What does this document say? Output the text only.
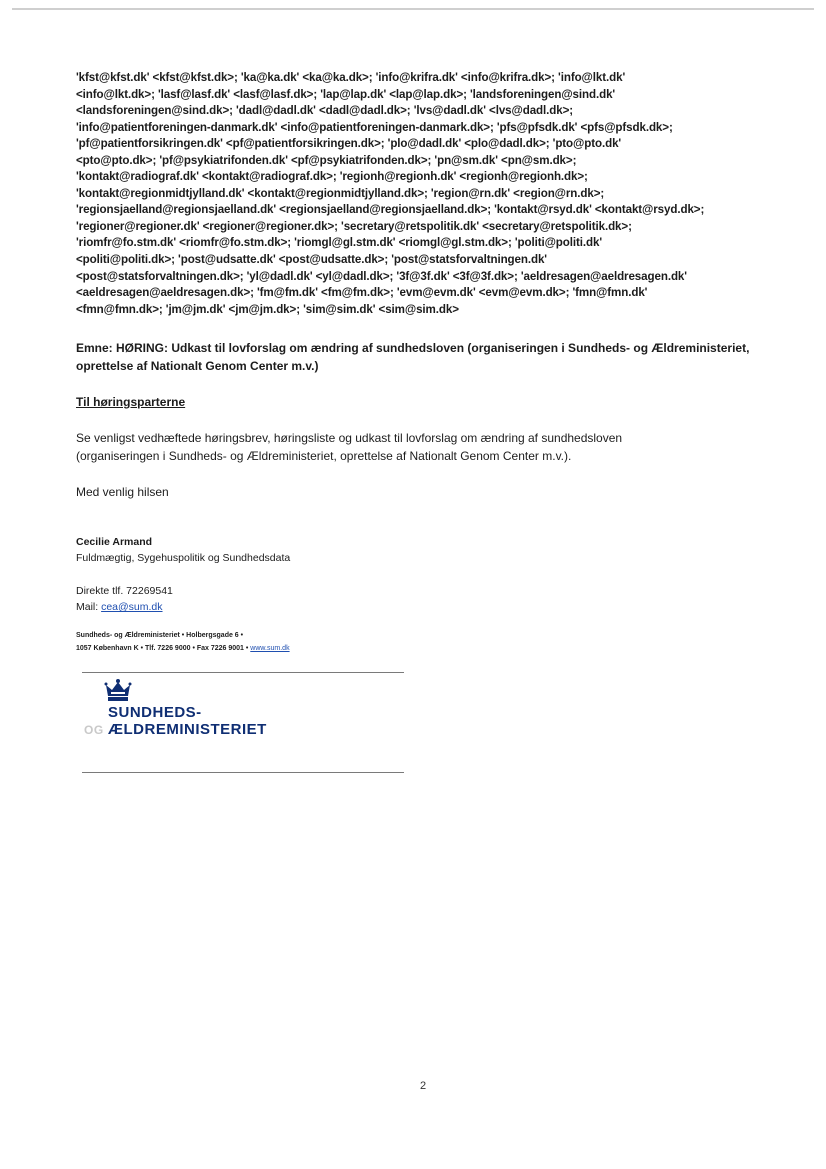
'kfst@kfst.dk' <kfst@kfst.dk>; 'ka@ka.dk' <ka@ka.dk>; 'info@krifra.dk' <info@krifra.dk>; 'info@lkt.dk'
<info@lkt.dk>; 'lasf@lasf.dk' <lasf@lasf.dk>; 'lap@lap.dk' <lap@lap.dk>; 'landsforeningen@sind.dk'
<landsforeningen@sind.dk>; 'dadl@dadl.dk' <dadl@dadl.dk>; 'lvs@dadl.dk' <lvs@dadl.dk>;
'info@patientforeningen-danmark.dk' <info@patientforeningen-danmark.dk>; 'pfs@pfsdk.dk' <pfs@pfsdk.dk>;
'pf@patientforsikringen.dk' <pf@patientforsikringen.dk>; 'plo@dadl.dk' <plo@dadl.dk>; 'pto@pto.dk'
<pto@pto.dk>; 'pf@psykiatrifonden.dk' <pf@psykiatrifonden.dk>; 'pn@sm.dk' <pn@sm.dk>;
'kontakt@radiograf.dk' <kontakt@radiograf.dk>; 'regionh@regionh.dk' <regionh@regionh.dk>;
'kontakt@regionmidtjylland.dk' <kontakt@regionmidtjylland.dk>; 'region@rn.dk' <region@rn.dk>;
'regionsjaelland@regionsjaelland.dk' <regionsjaelland@regionsjaelland.dk>; 'kontakt@rsyd.dk' <kontakt@rsyd.dk>;
'regioner@regioner.dk' <regioner@regioner.dk>; 'secretary@retspolitik.dk' <secretary@retspolitik.dk>;
'riomfr@fo.stm.dk' <riomfr@fo.stm.dk>; 'riomgl@gl.stm.dk' <riomgl@gl.stm.dk>; 'politi@politi.dk'
<politi@politi.dk>; 'post@udsatte.dk' <post@udsatte.dk>; 'post@statsforvaltningen.dk'
<post@statsforvaltningen.dk>; 'yl@dadl.dk' <yl@dadl.dk>; '3f@3f.dk' <3f@3f.dk>; 'aeldresagen@aeldresagen.dk'
<aeldresagen@aeldresagen.dk>; 'fm@fm.dk' <fm@fm.dk>; 'evm@evm.dk' <evm@evm.dk>; 'fmn@fmn.dk'
<fmn@fmn.dk>; 'jm@jm.dk' <jm@jm.dk>; 'sim@sim.dk' <sim@sim.dk>
Emne: HØRING: Udkast til lovforslag om ændring af sundhedsloven (organiseringen i Sundheds- og Ældreministeriet,
oprettelse af Nationalt Genom Center m.v.)
Til høringsparterne
Se venligst vedhæftede høringsbrev, høringsliste og udkast til lovforslag om ændring af sundhedsloven
(organiseringen i Sundheds- og Ældreministeriet, oprettelse af Nationalt Genom Center m.v.).
Med venlig hilsen
Cecilie Armand
Fuldmægtig, Sygehuspolitik og Sundhedsdata
Direkte tlf. 72269541
Mail: cea@sum.dk
Sundheds- og Ældreministeriet • Holbergsgade 6 •
1057 København K • Tlf. 7226 9000 • Fax 7226 9001 • www.sum.dk
SUNDHEDS-
OG ÆLDREMINISTERIET
2
